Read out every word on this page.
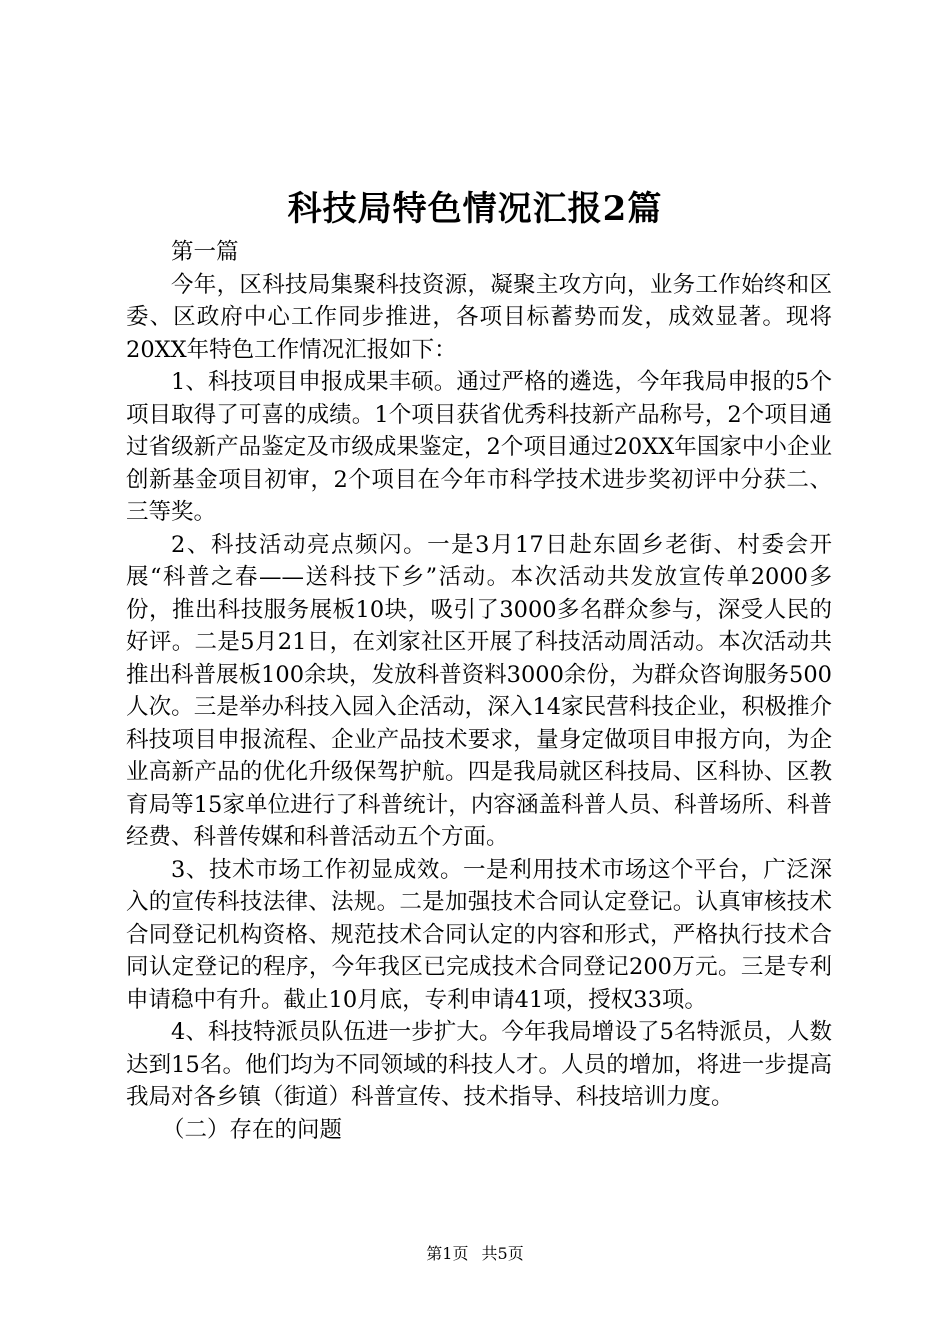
科技局特色情况汇报2篇

第一篇

今年，区科技局集聚科技资源，凝聚主攻方向，业务工作始终和区委、区政府中心工作同步推进，各项目标蓄势而发，成效显著。现将20XX年特色工作情况汇报如下：

1、科技项目申报成果丰硕。通过严格的遴选，今年我局申报的5个项目取得了可喜的成绩。1个项目获省优秀科技新产品称号，2个项目通过省级新产品鉴定及市级成果鉴定，2个项目通过20XX年国家中小企业创新基金项目初审，2个项目在今年市科学技术进步奖初评中分获二、三等奖。

2、科技活动亮点频闪。一是3月17日赴东固乡老街、村委会开展“科普之春——送科技下乡”活动。本次活动共发放宣传单2000多份，推出科技服务展板10块，吸引了3000多名群众参与，深受人民的好评。二是5月21日，在刘家社区开展了科技活动周活动。本次活动共推出科普展板100余块，发放科普资料3000余份，为群众咨询服务500人次。三是举办科技入园入企活动，深入14家民营科技企业，积极推介科技项目申报流程、企业产品技术要求，量身定做项目申报方向，为企业高新产品的优化升级保驾护航。四是我局就区科技局、区科协、区教育局等15家单位进行了科普统计，内容涵盖科普人员、科普场所、科普经费、科普传媒和科普活动五个方面。

3、技术市场工作初显成效。一是利用技术市场这个平台，广泛深入的宣传科技法律、法规。二是加强技术合同认定登记。认真审核技术合同登记机构资格、规范技术合同认定的内容和形式，严格执行技术合同认定登记的程序，今年我区已完成技术合同登记200万元。三是专利申请稳中有升。截止10月底，专利申请41项，授权33项。

4、科技特派员队伍进一步扩大。今年我局增设了5名特派员，人数达到15名。他们均为不同领域的科技人才。人员的增加，将进一步提高我局对各乡镇（街道）科普宣传、技术指导、科技培训力度。

（二）存在的问题

第1页 共5页
